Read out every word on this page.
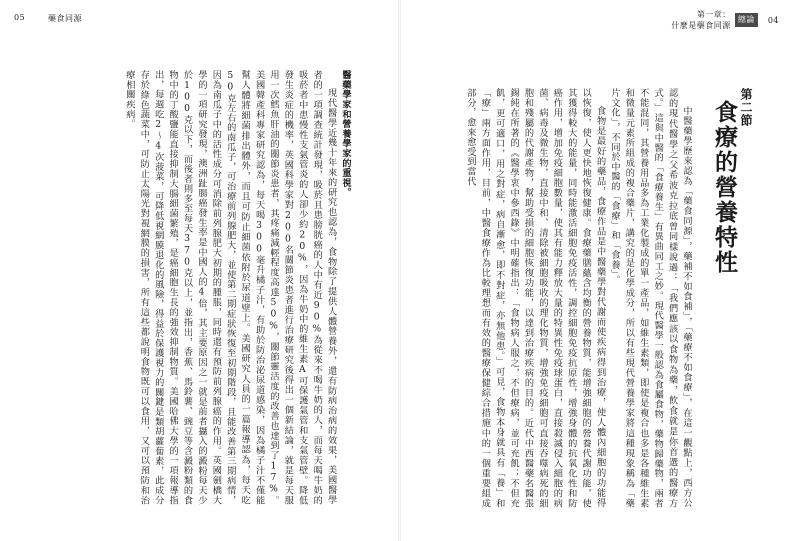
05	藥食同源	第一章：
什麼是藥食同源
總論	04
第二節
食療的營養特性

中醫藥學歷來認為「藥食同源」，藥補不如食補」，「藥療不如食療」，在這一觀點上，西方公認的現代醫學之父希波克拉底曾同樣說過：「我們應該以食物為藥，飲食就是你首選的醫療方式。」這與中醫的「食療養生」有異曲同工之妙。現代醫學一般認為食屬食物，藥物歸藥物，兩者不能混同，其營養用品多為工業化製成的單一產品，如維生素類，即使是複合也多是各種維生素和微量元素所組成的複合藥片，講究的是化學成分，所以有些現代營養學家將這種現象稱為「藥片文化」，不同於中醫的「食療」和「食養」。

食物是最好的藥品，食療作品是中醫藥學對代謝而使疾病得到治療，使人體內細胞的功能得以恢復，使人更快地恢復健康。食療藥膳蘊含均衡的營養物質，能增強細胞的營養代謝功能，使其獲得較大的能量，同時能激活細胞免疫活性，調控細胞免疫抗原性，增強身體的抗氧化性和防癌作用，增加免疫細胞數量，使其有能力釋放大量的特異性免疫球蛋白，直接殺滅侵入細胞的病菌、病毒及微生物，直接中和、清除被細胞吸收的理化物質，增強免疫細胞可直接吞噬病死的細胞和殘屬的代謝產物，幫助受損的細胞恢復功能，以達到治療疾病的目的。近代中西醫藥名醫張錫純在所著的《醫學衷中參西錄》中明確指出：「食物病人服之，不但療病，並可充飢；不但充飢，更可適口，用之對症，病自漸愈，即不對症，亦無他患。」可見，食物本身就具有「養」和「療」兩方面作用，目前，中醫食療作為比較理想而有效的醫療保健綜合措施中的一個重要組成部分，愈來愈受到當代

醫藥學家和營養學家的重視。

現代醫學近幾十年來的研究也認為，食物除了提供人體營養外，還有防病治病的效果，美國醫學者的一項調查統計發現，吸菸且患膀胱癌的人中有近90%為從來不喝牛奶的人，而每天喝牛奶的吸菸者中患慢性支氣管炎的人卻少約20%，因為牛奶中的維生素A可保護氣管和支氣管壁。降低發生炎症的機率，英國科學家對200名關節炎患者進行治療研究後得出一個新結論，就是每天服用一次鱈魚肝油的關節炎患者，其疼痛減輕程度高達50%，關節靈活度的改善也達到了17%。美國韓產科專家研究認為，每天喝300毫升橘子汁，有助於防治泌尿道感染，因為橘子汁不僅能幫人體將細菌排出體外，而且可防止細菌依附於尿道壁上。美國研究人員的一篇報導認為，每天吃50克左右的南瓜子，可治療前列腺肥大，並使第二期症狀恢復至初期階段，且能改善第三期病情，因為南瓜子中的活性成分可消除前列腺肥大初期的腫脹，同時還有預防前列腺癌的作用。英國劍橋大學的一項研究發現，澳洲趾腸癌發生率是中國人的4倍，其主要原因之一就是前者攝入的澱粉每天少於100克以下，而後者則多至每天370克以上，並指出，香蕉、馬鈴薯、豌豆等含澱粉類的食物中的丁酸鹽能直接抑制大腸細菌繁殖，是癌細胞生長的強效抑制物質。美國哈佛大學的一項報導指出，每週吃2～4次菠菜，可降低視網膜退化的風險，得益於保護視力的關鍵是類胡蘿蔔素，此成分存於綠色蔬菜中，可防止太陽光對視網膜的損害，所有這些都說明食物既可以食用，又可以預防和治療相關疾病。
